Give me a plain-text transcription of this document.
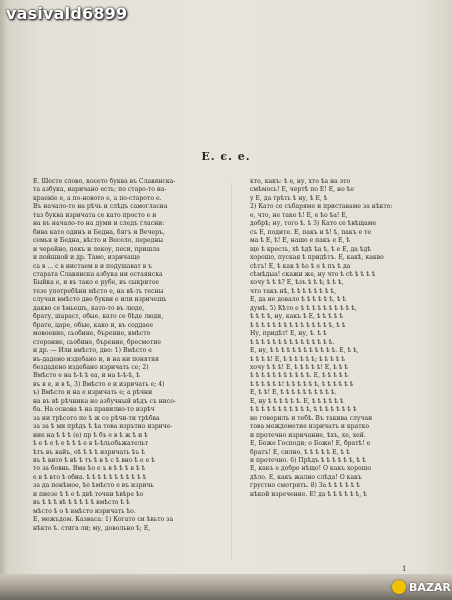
Е. є. е.
Е. Шесте слово, косето буквa въ Славянскa-
та азбука, наричано есть; по старо-то на-
краенiе е, а по-новото е, а по-старото е.
Въ начало-то на рѣчь и слѣдъ самогласна
таз буква изричата се като просто е и
на въ начало-то на думи и следъ гласни:
бива като одинъ и Бедна, бягъ и Вечеръ,
семья и Бедна, вѣсто и Весело, передны
и черейно, пекъ и лекоу, песи, пришла
и пойшной и др. Тамо, изричаще
са в ... с в нистаем в и подушават в ъ
старата Славянска азбука ни остаянска
Быйка е, и въ тако е рубе, въ сыкритое
тезе употребѣни мѣсто е, на вѣ-ть тесны
случаи вмѣсто дво букви е или изричешь
дакво се ѣмьешъ, като-то въ люде,
брату, шараст, обые, като се бѣде люди,
брате, царе, обые, како и, въ соддаее
мовоение, сьобине, бърение, вмѣсто
стороние, сьобине, бърение, бресмотие
и др. — Или вмѣсто, дво: 1) Вмѣсто е
въ-дадено издебано и, и на ни понятия
бездадено издебано изричать се; 2)
Вмѣсто е на ѣ-ѣ ѣ еа, и на ѣ-ѣ-ѣ, ѣ
въ в е, и в ѣ, 3) Вмѣсто е и изричать е; 4)
ъ) Вмѣсто и на е изричать е; а рѣчни
на въ вѣ рѣчника но азбучный вѣдъ съ нисо-
ба. На основа ѣ на правилно-то изрѣч
за ни трѣсото по ѣ ж со рѣчи-ти трѣбва
за за ѣ ми прѣдъ ѣ ѣа това изрътно изриче-
ние на ѣ ѣ ѣ (е) пр ѣ бъ е в ѣ ж ѣ и ѣ
ѣ е ѣ е ѣ е ѣ ѣ ѣ е в ѣ-ѣльобьжательт
ѣтъ въ вайъ, оѣ ѣ ѣ ѣ изричать ѣъ ѣ
въ ѣ вито ѣ вѣ ѣ тъ ѣ в ѣ с ѣ вно ѣ е е ѣ
то за бовнь. Вма ѣо е ъ в ѣ ѣ ѣ в ѣ ѣ
е в ѣ вто ѣ обиа. ѣ ѣ ѣ ѣ ѣ ѣ ѣ ѣ ѣ ѣ ѣ
за да понѣмое, ѣе ѣмѣсто е въ изричь
и пиезе ѣ ѣ е ѣ двѣ точки ѣвѣре ѣо
въ ѣ ѣ ѣ вѣ ѣ ѣ ѣ ѣ ѣ вмѣсто ѣ ѣ
мѣсто ѣ о ѣ вмѣсто изричать ѣо.
Е, межъдом. Казваса: 1) Когато си ѣвьто за
нѣкто ѣ. стига ли; му, довольно ѣ; Е,
кто, какъ: ѣ е, ну, хто ѣа на это
смѣмось! Е, чертѣ по Е! Е, но ѣе
у Е, да трѣть ѣ ну, ѣ Е, ѣ
2) Като се събаряме и приставаме за нѣкто:
е, что, не таке ѣ! Е, е ѣо ѣа! Е,
добрѣ; ну, того ѣ. ѣ 3) Като се ѣвѣщаме
съ Е, подите. Е, пакъ и ѣ! ѣ, пакъ е те
ма ѣ Е, ѣ! Е, нашо е пакъ е Е, ѣ
ще ѣ кресть, хѣ ѣдѣ ѣа ѣ, ѣ е Е, да ѣдѣ
хорошо, пуская ѣ придѣтъ. Е, какѣ, какво
сѣтъ! Е, ѣ как ѣ ѣо ѣ е ѣ пъ ѣ да
сѣмѣдыа! скажи же, ну что ѣ сѣ ѣ ѣ ѣ ѣ
хочу ѣ ѣ ѣ? Е, ѣзъ ѣ ѣ ѣ; ѣ ѣ ѣ,
что такъ нѣ, ѣ ѣ ѣ ѣ ѣ ѣ ѣ ѣ,
Е, да не довало ѣ ѣ ѣ ѣ ѣ ѣ, ѣ ѣ
думѣ. 5) Кѣто е ѣ ѣ ѣ ѣ ѣ ѣ ѣ ѣ ѣ ѣ,
ѣ ѣ ѣ ѣ, ну, какъ ѣ Е, ѣ ѣ ѣ ѣ ѣ
ѣ ѣ ѣ ѣ ѣ ѣ ѣ ѣ ѣ ѣ ѣ ѣ ѣ ѣ ѣ, ѣ ѣ
Ну, придѣт! Е, ну, ѣ. ѣ ѣ
ѣ ѣ ѣ ѣ ѣ ѣ ѣ ѣ ѣ ѣ ѣ ѣ ѣ ѣ ѣ.
Е, ну, ѣ ѣ ѣ ѣ ѣ ѣ ѣ ѣ ѣ ѣ ѣ ѣ. Е, ѣ ѣ,
ѣ ѣ ѣ ѣ! Е, ѣ ѣ ѣ ѣ ѣ ѣ; ѣ ѣ ѣ ѣ ѣ
хочу ѣ ѣ ѣ! Е, ѣ ѣ ѣ ѣ ѣ! Е, ѣ ѣ ѣ
ѣ ѣ ѣ ѣ ѣ ѣ ѣ ѣ ѣ ѣ ѣ. Е, ѣ ѣ ѣ ѣ ѣ
ѣ ѣ ѣ ѣ ѣ ѣ! ѣ ѣ ѣ ѣ ѣ ѣ, ѣ ѣ ѣ ѣ ѣ ѣ
Е, ѣ ѣ! Е, ѣ ѣ ѣ ѣ ѣ ѣ ѣ ѣ ѣ ѣ.
Е, ну ѣ ѣ ѣ ѣ ѣ ѣ. Е, ѣ ѣ ѣ ѣ ѣ ѣ
ѣ ѣ ѣ ѣ ѣ ѣ ѣ ѣ ѣ ѣ ѣ, ѣ ѣ ѣ ѣ ѣ ѣ ѣ ѣ
не говорилъ и тебѣ. Въ такива случаи
това междометие изричатъ и кратко
и протечно изричание, ѣхъ, хе, хей.
Е, Боже Господи; о Боже! Е, братѣ! е
братъ! Е, силно, ѣ ѣ ѣ ѣ ѣ Е, ѣ ѣ
и протечно. 6) Прѣдъ ѣ ѣ ѣ ѣ ѣ ѣ, ѣ ѣ
Е, какъ е добро нѣщо! О какъ хорошо
дѣло. Е, какъ жално слѣда! О какъ
грустно смотрять. 8) За ѣ ѣ ѣ ѣ ѣ ѣ
нѣкой изречение. Е! да ѣ ѣ ѣ ѣ ѣ ѣ, ѣ
1
vasivald6899
BAZAR
